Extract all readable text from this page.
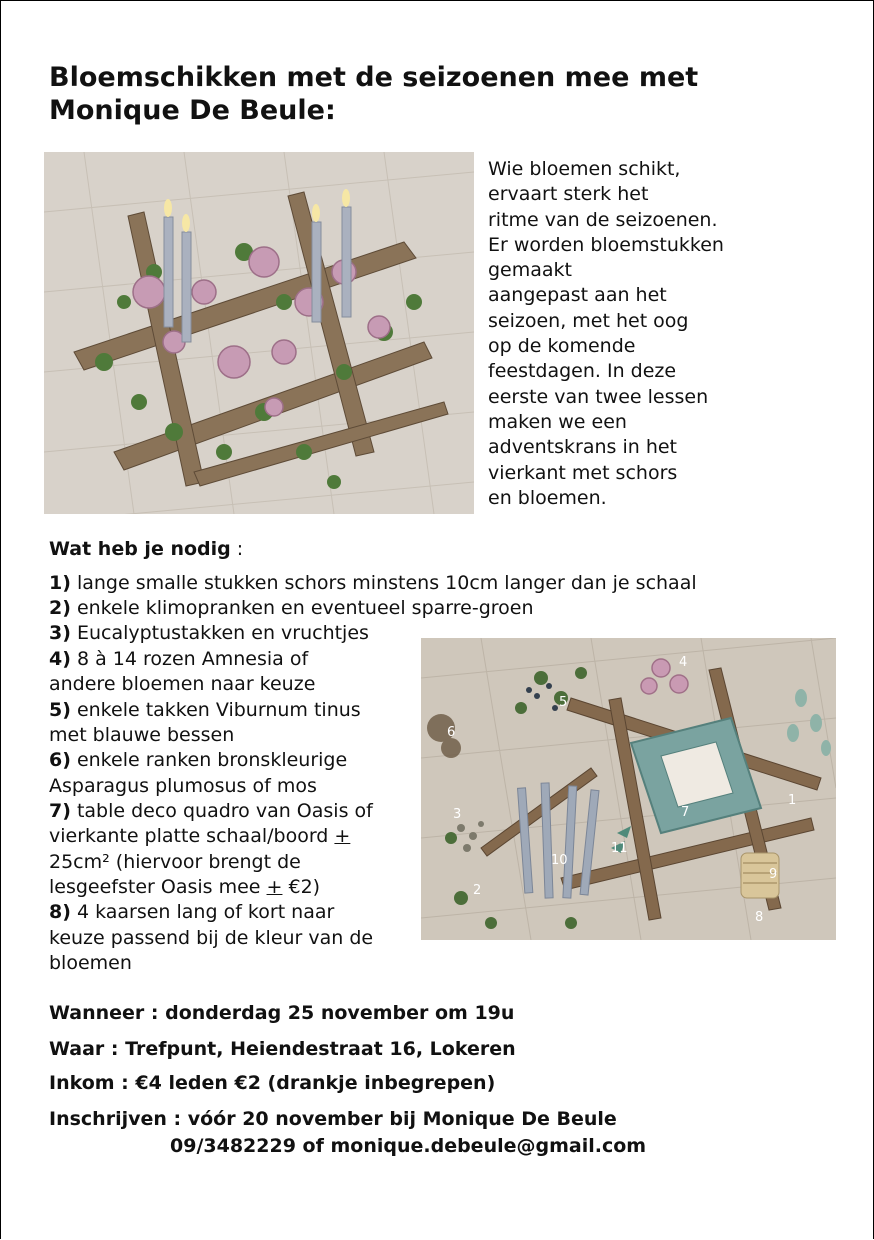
Bloemschikken met de seizoenen mee met
Monique De Beule:
Wie bloemen schikt,
ervaart sterk het
ritme van de seizoenen.
Er worden bloemstukken
gemaakt
aangepast aan het
seizoen, met het oog
op de komende
feestdagen. In deze
eerste van twee lessen
maken we een
adventskrans in het
vierkant met schors
en bloemen.
Wat heb je nodig :
1) lange smalle stukken schors minstens 10cm langer dan je schaal
2) enkele klimopranken en eventueel sparre-groen
3) Eucalyptustakken en vruchtjes
4) 8 à 14 rozen Amnesia of
andere bloemen naar keuze
5) enkele takken Viburnum tinus
met blauwe bessen
6) enkele ranken bronskleurige
Asparagus plumosus of mos
7) table deco quadro van Oasis of
vierkante platte schaal/boord +
25cm² (hiervoor brengt de
lesgeefster Oasis mee + €2)
8) 4 kaarsen lang of kort naar
keuze passend bij de kleur van de
bloemen
1
2
3
4
5
6
7
8
9
10
11
Wanneer : donderdag 25 november om 19u
Waar : Trefpunt, Heiendestraat 16, Lokeren
Inkom : €4 leden €2 (drankje inbegrepen)
Inschrijven : vóór 20 november bij Monique De Beule
09/3482229 of monique.debeule@gmail.com
